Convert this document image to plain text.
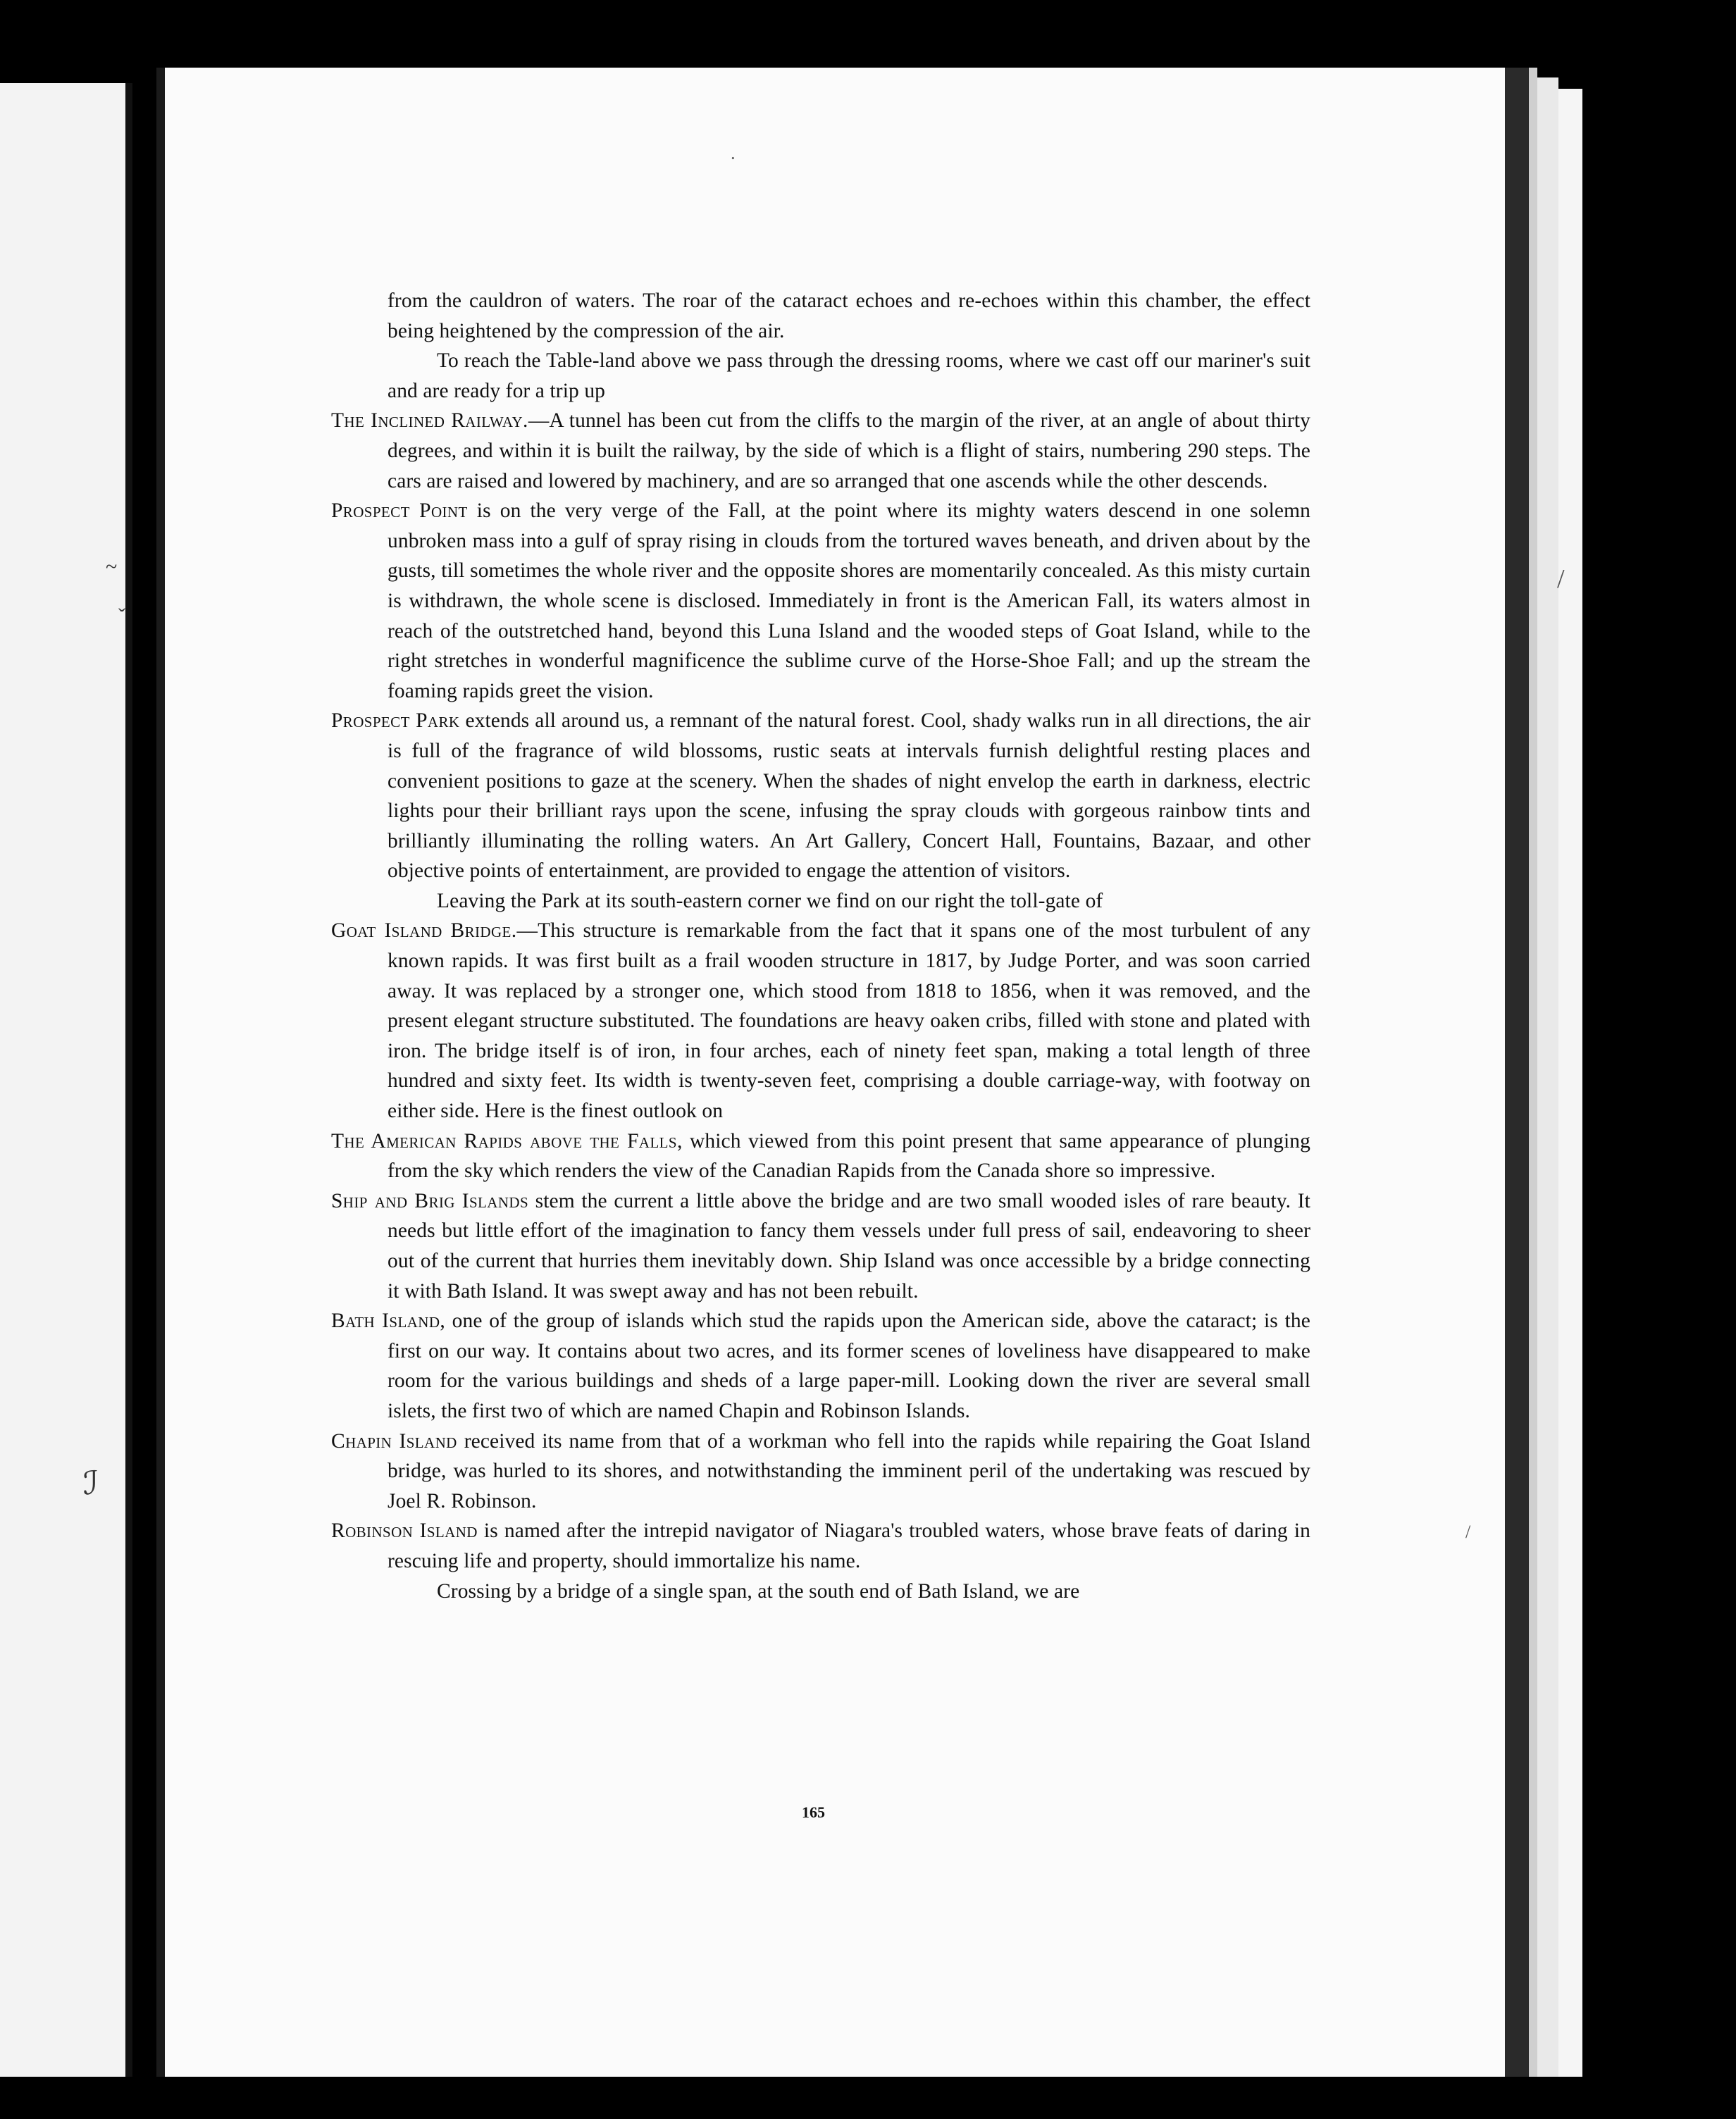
~
ˇ
ℐ
·
/
/

from the cauldron of waters. The roar of the cataract echoes and re-echoes within this chamber, the effect being heightened by the compression of the air.

To reach the Table-land above we pass through the dressing rooms, where we cast off our mariner's suit and are ready for a trip up

The Inclined Railway.—A tunnel has been cut from the cliffs to the margin of the river, at an angle of about thirty degrees, and within it is built the railway, by the side of which is a flight of stairs, numbering 290 steps. The cars are raised and lowered by machinery, and are so arranged that one ascends while the other descends.

Prospect Point is on the very verge of the Fall, at the point where its mighty waters descend in one solemn unbroken mass into a gulf of spray rising in clouds from the tortured waves beneath, and driven about by the gusts, till sometimes the whole river and the opposite shores are momentarily concealed. As this misty curtain is withdrawn, the whole scene is disclosed. Immediately in front is the American Fall, its waters almost in reach of the outstretched hand, beyond this Luna Island and the wooded steps of Goat Island, while to the right stretches in wonderful magnificence the sublime curve of the Horse-Shoe Fall; and up the stream the foaming rapids greet the vision.

Prospect Park extends all around us, a remnant of the natural forest. Cool, shady walks run in all directions, the air is full of the fragrance of wild blossoms, rustic seats at intervals furnish delightful resting places and convenient positions to gaze at the scenery. When the shades of night envelop the earth in darkness, electric lights pour their brilliant rays upon the scene, infusing the spray clouds with gorgeous rainbow tints and brilliantly illuminating the rolling waters. An Art Gallery, Concert Hall, Fountains, Bazaar, and other objective points of entertainment, are provided to engage the attention of visitors.

Leaving the Park at its south-eastern corner we find on our right the toll-gate of

Goat Island Bridge.—This structure is remarkable from the fact that it spans one of the most turbulent of any known rapids. It was first built as a frail wooden structure in 1817, by Judge Porter, and was soon carried away. It was replaced by a stronger one, which stood from 1818 to 1856, when it was removed, and the present elegant structure substituted. The foundations are heavy oaken cribs, filled with stone and plated with iron. The bridge itself is of iron, in four arches, each of ninety feet span, making a total length of three hundred and sixty feet. Its width is twenty-seven feet, comprising a double carriage-way, with footway on either side. Here is the finest outlook on

The American Rapids above the Falls, which viewed from this point present that same appearance of plunging from the sky which renders the view of the Canadian Rapids from the Canada shore so impressive.

Ship and Brig Islands stem the current a little above the bridge and are two small wooded isles of rare beauty. It needs but little effort of the imagination to fancy them vessels under full press of sail, endeavoring to sheer out of the current that hurries them inevitably down. Ship Island was once accessible by a bridge connecting it with Bath Island. It was swept away and has not been rebuilt.

Bath Island, one of the group of islands which stud the rapids upon the American side, above the cataract; is the first on our way. It contains about two acres, and its former scenes of loveliness have disappeared to make room for the various buildings and sheds of a large paper-mill. Looking down the river are several small islets, the first two of which are named Chapin and Robinson Islands.

Chapin Island received its name from that of a workman who fell into the rapids while repairing the Goat Island bridge, was hurled to its shores, and notwithstanding the imminent peril of the undertaking was rescued by Joel R. Robinson.

Robinson Island is named after the intrepid navigator of Niagara's troubled waters, whose brave feats of daring in rescuing life and property, should immortalize his name.

Crossing by a bridge of a single span, at the south end of Bath Island, we are

165
